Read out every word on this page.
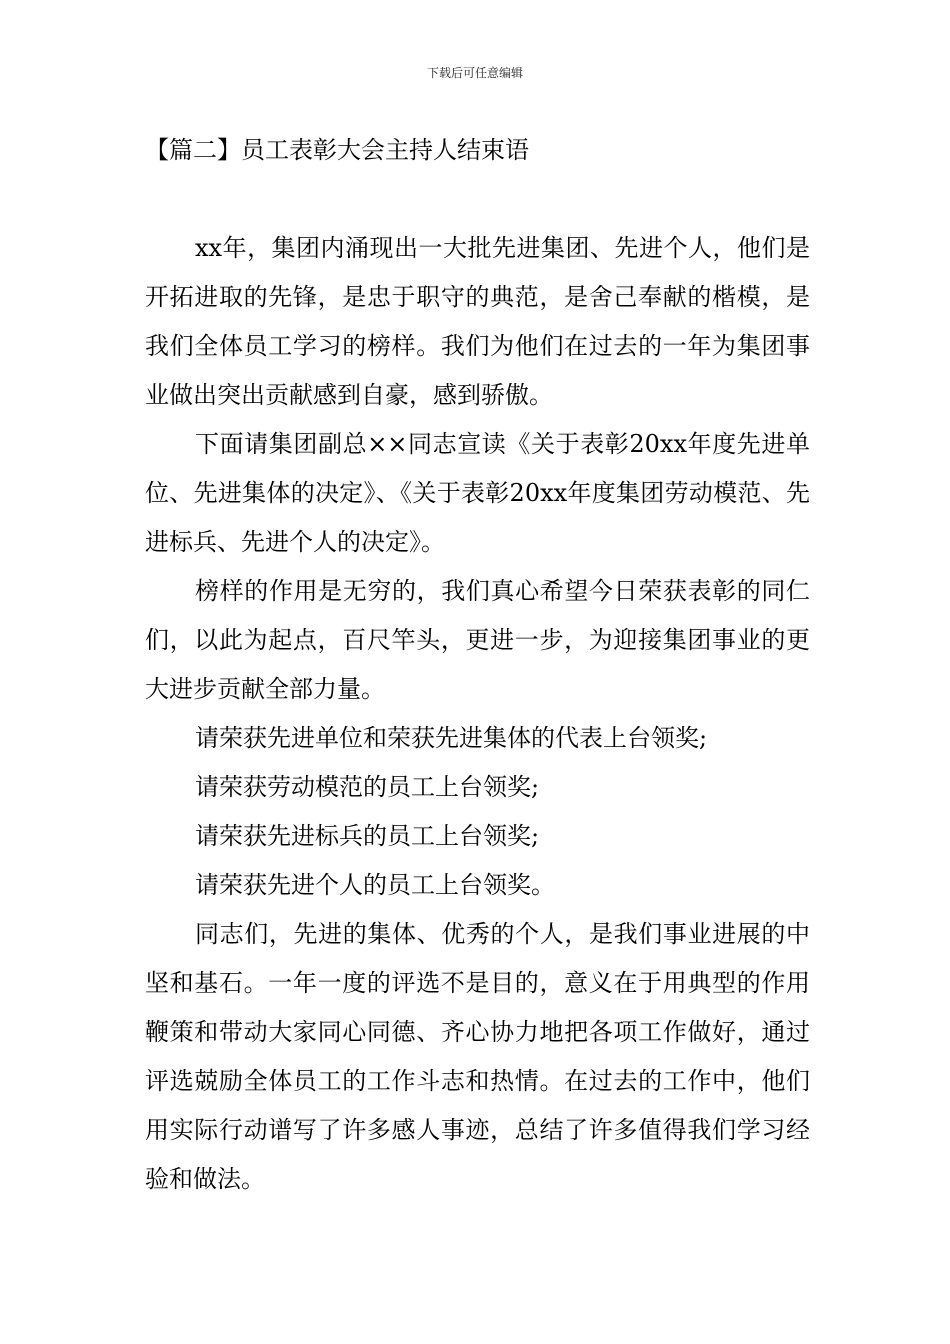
下载后可任意编辑
【篇二】员工表彰大会主持人结束语

xx年，集团内涌现出一大批先进集团、先进个人，他们是开拓进取的先锋，是忠于职守的典范，是舍己奉献的楷模，是我们全体员工学习的榜样。我们为他们在过去的一年为集团事业做出突出贡献感到自豪，感到骄傲。

下面请集团副总××同志宣读《关于表彰20xx年度先进单位、先进集体的决定》、《关于表彰20xx年度集团劳动模范、先进标兵、先进个人的决定》。

榜样的作用是无穷的，我们真心希望今日荣获表彰的同仁们，以此为起点，百尺竿头，更进一步，为迎接集团事业的更大进步贡献全部力量。

请荣获先进单位和荣获先进集体的代表上台领奖;

请荣获劳动模范的员工上台领奖;

请荣获先进标兵的员工上台领奖;

请荣获先进个人的员工上台领奖。

同志们，先进的集体、优秀的个人，是我们事业进展的中坚和基石。一年一度的评选不是目的，意义在于用典型的作用鞭策和带动大家同心同德、齐心协力地把各项工作做好，通过评选兢励全体员工的工作斗志和热情。在过去的工作中，他们用实际行动谱写了许多感人事迹，总结了许多值得我们学习经验和做法。
